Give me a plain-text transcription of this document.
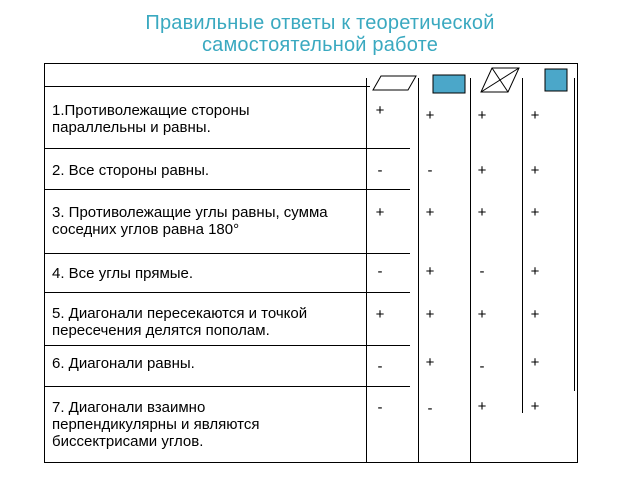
Правильные ответы к теоретической
самостоятельной работе
1.Противолежащие стороны параллельны и равны.
2. Все стороны равны.
3. Противолежащие углы равны, сумма соседних углов равна 180°
4. Все углы прямые.
5. Диагонали пересекаются и точкой пересечения делятся пополам.
6. Диагонали равны.
7. Диагонали взаимно перпендикулярны и являются биссектрисами углов.
+
-
+
-
+
-
-
+
-
+
+
+
+
-
+
+
+
-
+
-
+
+
+
+
+
+
+
+
